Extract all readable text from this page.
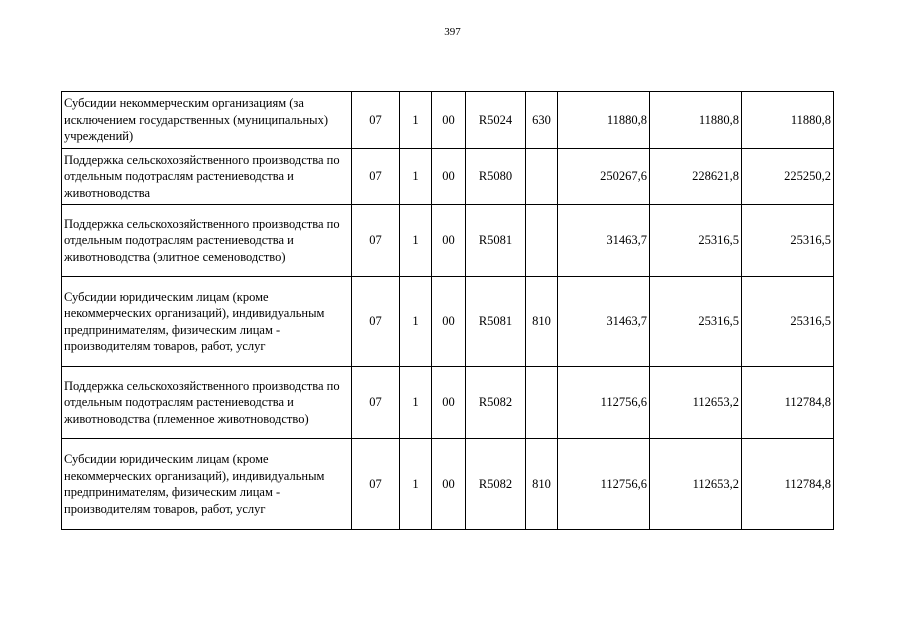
397
Субсидии некоммерческим организациям (за исключением государственных (муниципальных) учреждений)	07	1	00	R5024	630	11880,8	11880,8	11880,8
Поддержка сельскохозяйственного производства по отдельным подотраслям растениеводства и животноводства	07	1	00	R5080		250267,6	228621,8	225250,2
Поддержка сельскохозяйственного производства по отдельным подотраслям растениеводства и животноводства (элитное семеноводство)	07	1	00	R5081		31463,7	25316,5	25316,5
Субсидии юридическим лицам (кроме некоммерческих организаций), индивидуальным предпринимателям, физическим лицам - производителям товаров, работ, услуг	07	1	00	R5081	810	31463,7	25316,5	25316,5
Поддержка сельскохозяйственного производства по отдельным подотраслям растениеводства и животноводства (племенное животноводство)	07	1	00	R5082		112756,6	112653,2	112784,8
Субсидии юридическим лицам (кроме некоммерческих организаций), индивидуальным предпринимателям, физическим лицам - производителям товаров, работ, услуг	07	1	00	R5082	810	112756,6	112653,2	112784,8
